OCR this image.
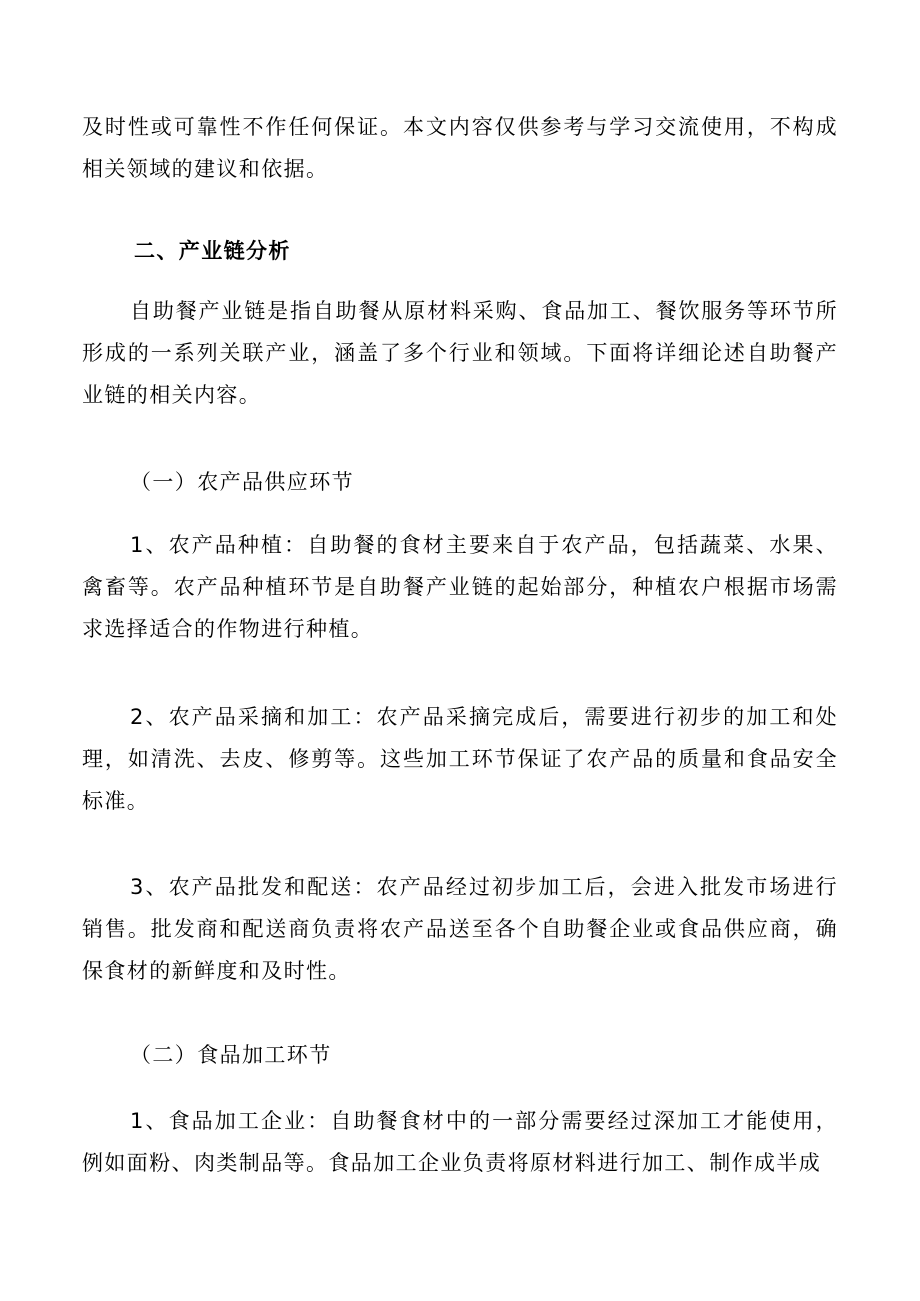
及时性或可靠性不作任何保证。本文内容仅供参考与学习交流使用，不构成相关领域的建议和依据。

二、产业链分析

自助餐产业链是指自助餐从原材料采购、食品加工、餐饮服务等环节所形成的一系列关联产业，涵盖了多个行业和领域。下面将详细论述自助餐产业链的相关内容。

（一）农产品供应环节

1、农产品种植：自助餐的食材主要来自于农产品，包括蔬菜、水果、禽畜等。农产品种植环节是自助餐产业链的起始部分，种植农户根据市场需求选择适合的作物进行种植。

2、农产品采摘和加工：农产品采摘完成后，需要进行初步的加工和处理，如清洗、去皮、修剪等。这些加工环节保证了农产品的质量和食品安全标准。

3、农产品批发和配送：农产品经过初步加工后，会进入批发市场进行销售。批发商和配送商负责将农产品送至各个自助餐企业或食品供应商，确保食材的新鲜度和及时性。

（二）食品加工环节

1、食品加工企业：自助餐食材中的一部分需要经过深加工才能使用，例如面粉、肉类制品等。食品加工企业负责将原材料进行加工、制作成半成
